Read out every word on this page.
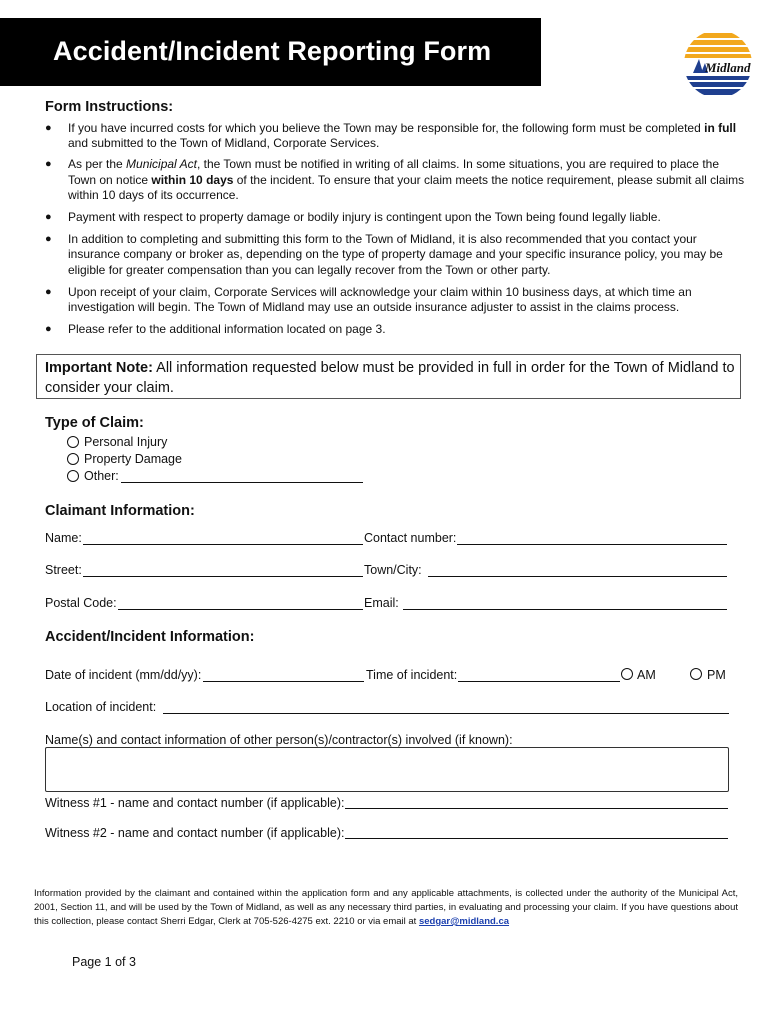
Accident/Incident Reporting Form
Midland
Form Instructions:
● If you have incurred costs for which you believe the Town may be responsible for, the following form must be completed in full and submitted to the Town of Midland, Corporate Services.
● As per the Municipal Act, the Town must be notified in writing of all claims. In some situations, you are required to place the Town on notice within 10 days of the incident. To ensure that your claim meets the notice requirement, please submit all claims within 10 days of its occurrence.
● Payment with respect to property damage or bodily injury is contingent upon the Town being found legally liable.
● In addition to completing and submitting this form to the Town of Midland, it is also recommended that you contact your insurance company or broker as, depending on the type of property damage and your specific insurance policy, you may be eligible for greater compensation than you can legally recover from the Town or other party.
● Upon receipt of your claim, Corporate Services will acknowledge your claim within 10 business days, at which time an investigation will begin. The Town of Midland may use an outside insurance adjuster to assist in the claims process.
● Please refer to the additional information located on page 3.
Important Note: All information requested below must be provided in full in order for the Town of Midland to consider your claim.
Type of Claim:
Personal Injury
Property Damage
Other:
Claimant Information:
Name:	Contact number:
Street:	Town/City:
Postal Code:	Email:
Accident/Incident Information:
Date of incident (mm/dd/yy):	Time of incident:	AM	PM
Location of incident:
Name(s) and contact information of other person(s)/contractor(s) involved (if known):
Witness #1 - name and contact number (if applicable):
Witness #2 - name and contact number (if applicable):
Information provided by the claimant and contained within the application form and any applicable attachments, is collected under the authority of the Municipal Act, 2001, Section 11, and will be used by the Town of Midland, as well as any necessary third parties, in evaluating and processing your claim. If you have questions about this collection, please contact Sherri Edgar, Clerk at 705-526-4275 ext. 2210 or via email at sedgar@midland.ca
Page 1 of 3
